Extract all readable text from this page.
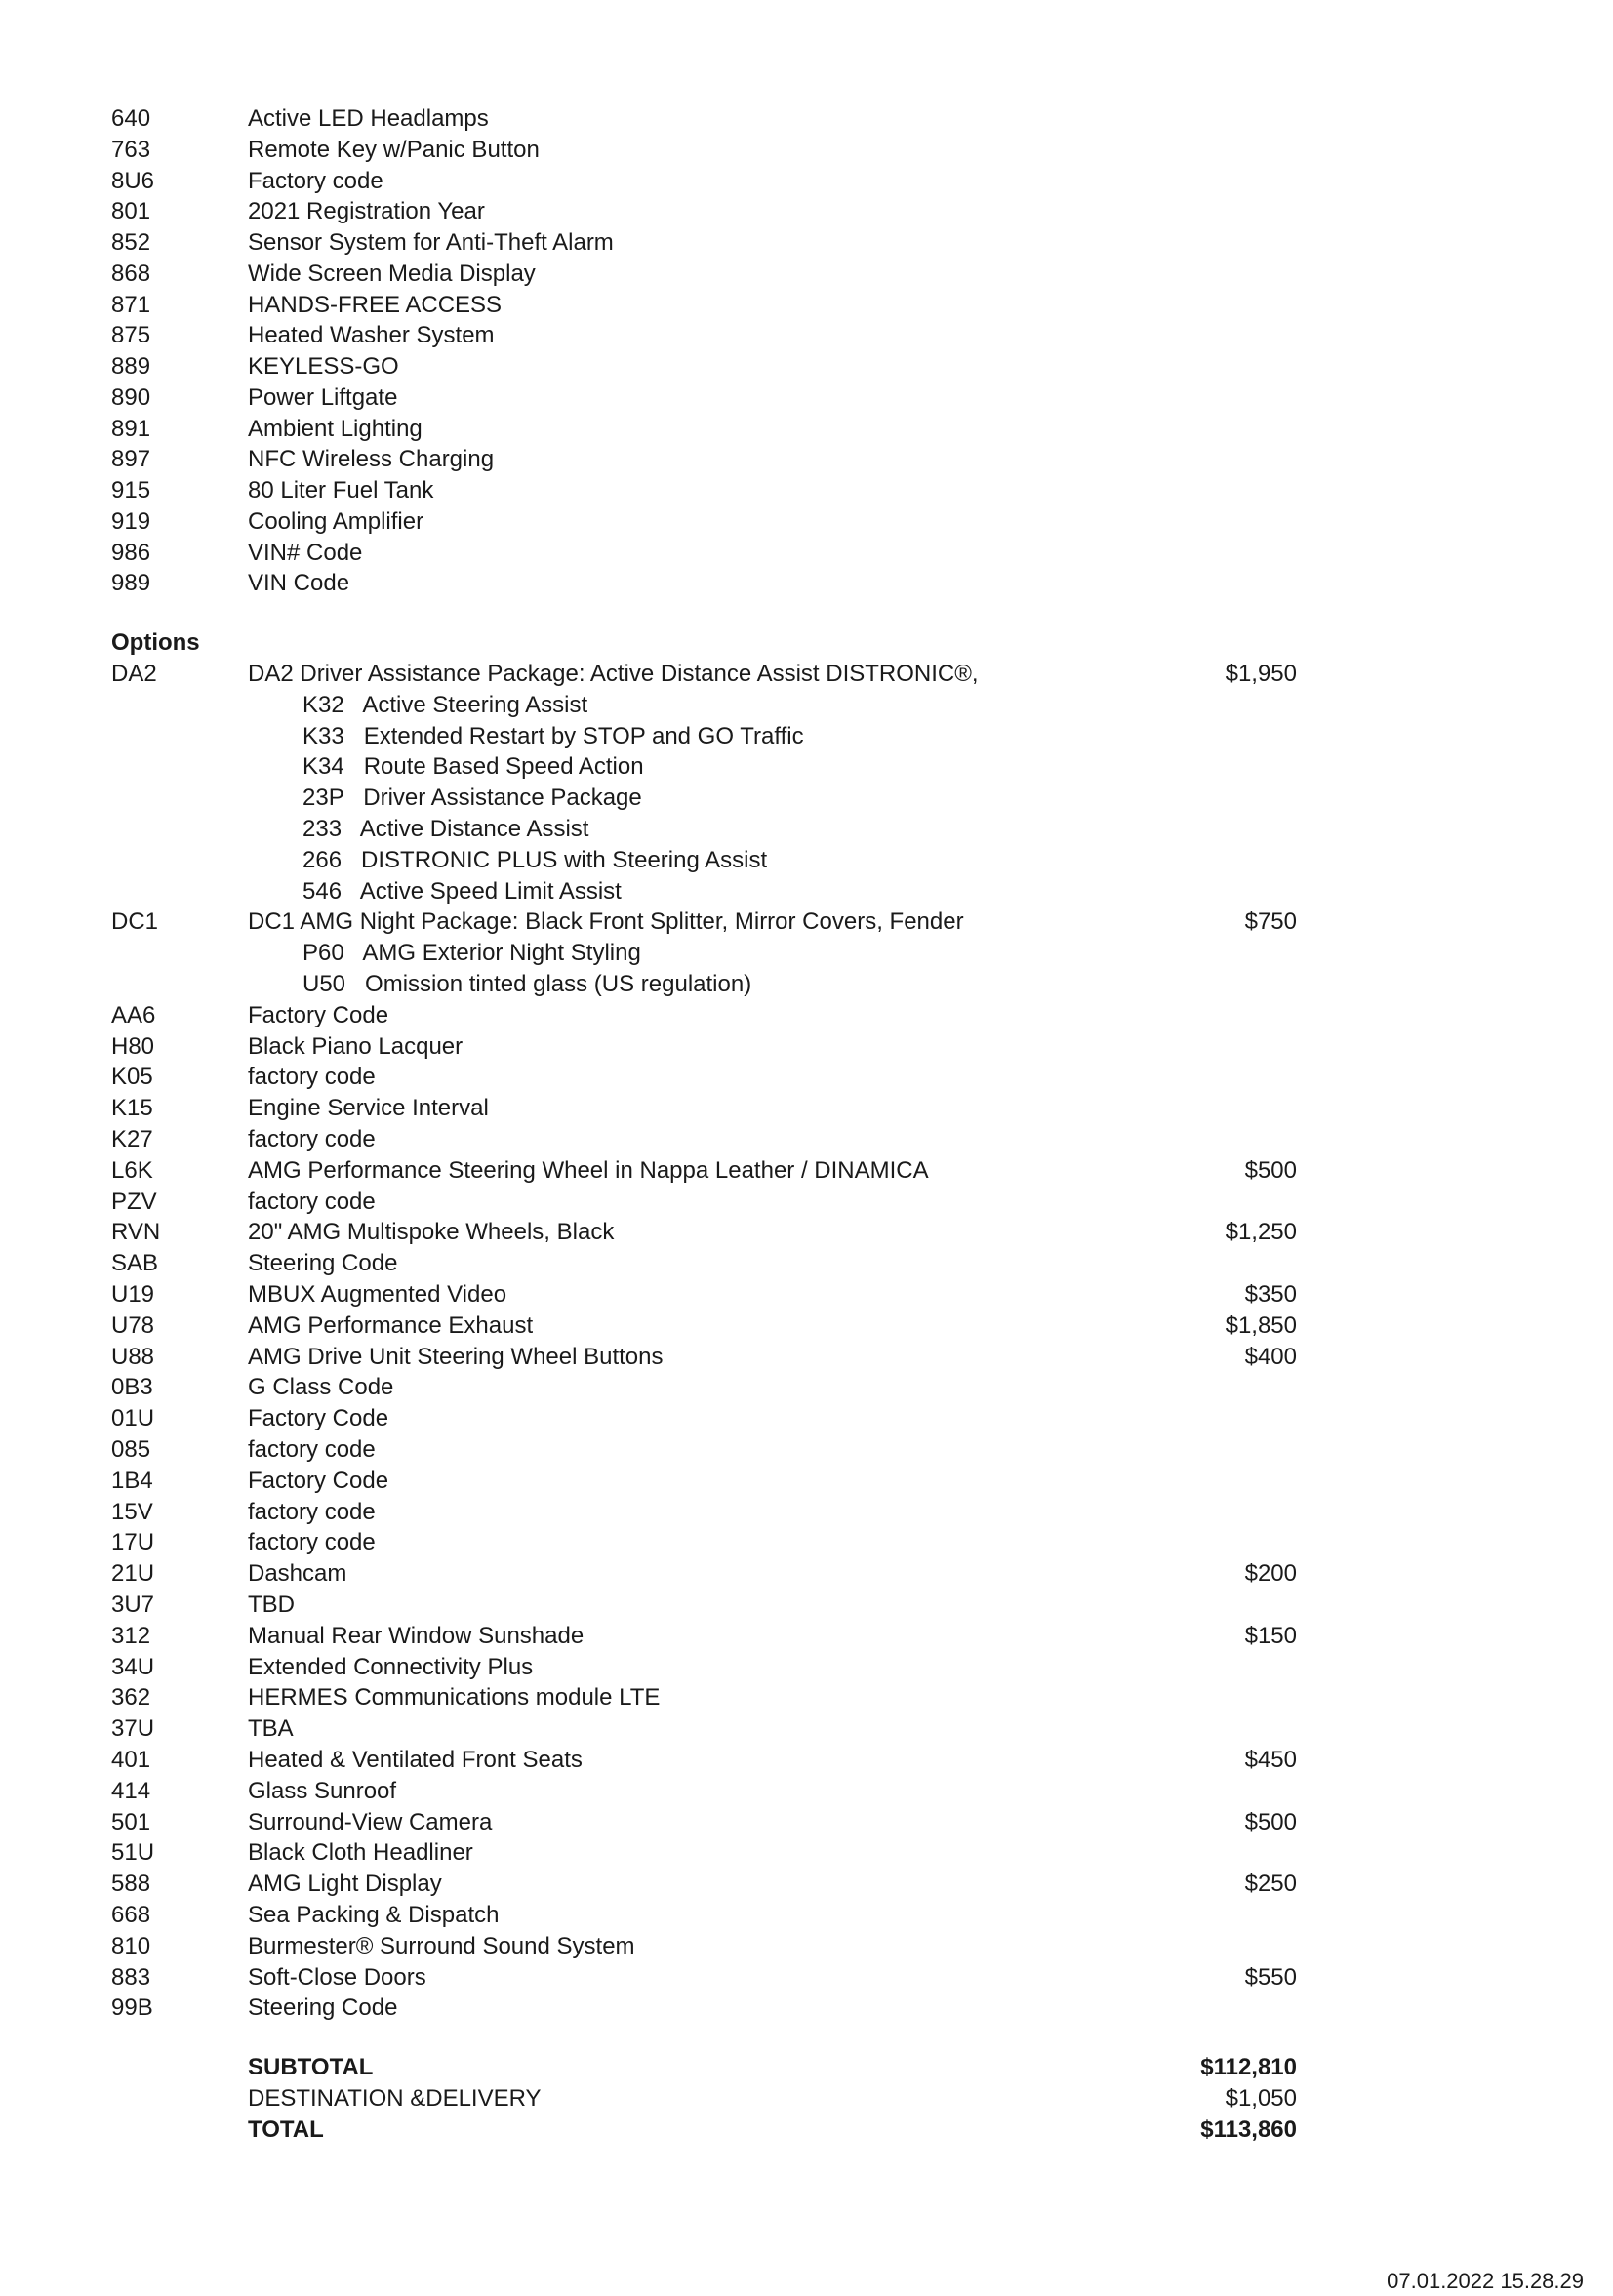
640	Active LED Headlamps
763	Remote Key w/Panic Button
8U6	Factory code
801	2021 Registration Year
852	Sensor System for Anti-Theft Alarm
868	Wide Screen Media Display
871	HANDS-FREE ACCESS
875	Heated Washer System
889	KEYLESS-GO
890	Power Liftgate
891	Ambient Lighting
897	NFC Wireless Charging
915	80 Liter Fuel Tank
919	Cooling Amplifier
986	VIN# Code
989	VIN Code
Options
DA2	DA2 Driver Assistance Package: Active Distance Assist DISTRONIC®,	$1,950
K32   Active Steering Assist
K33   Extended Restart by STOP and GO Traffic
K34   Route Based Speed Action
23P   Driver Assistance Package
233   Active Distance Assist
266   DISTRONIC PLUS with Steering Assist
546   Active Speed Limit Assist
DC1	DC1 AMG Night Package: Black Front Splitter, Mirror Covers, Fender	$750
P60   AMG Exterior Night Styling
U50   Omission tinted glass (US regulation)
AA6	Factory Code
H80	Black Piano Lacquer
K05	factory code
K15	Engine Service Interval
K27	factory code
L6K	AMG Performance Steering Wheel in Nappa Leather / DINAMICA	$500
PZV	factory code
RVN	20" AMG Multispoke Wheels, Black	$1,250
SAB	Steering Code
U19	MBUX Augmented Video	$350
U78	AMG Performance Exhaust	$1,850
U88	AMG Drive Unit Steering Wheel Buttons	$400
0B3	G Class Code
01U	Factory Code
085	factory code
1B4	Factory Code
15V	factory code
17U	factory code
21U	Dashcam	$200
3U7	TBD
312	Manual Rear Window Sunshade	$150
34U	Extended Connectivity Plus
362	HERMES Communications module LTE
37U	TBA
401	Heated & Ventilated Front Seats	$450
414	Glass Sunroof
501	Surround-View Camera	$500
51U	Black Cloth Headliner
588	AMG Light Display	$250
668	Sea Packing & Dispatch
810	Burmester® Surround Sound System
883	Soft-Close Doors	$550
99B	Steering Code
SUBTOTAL	$112,810
DESTINATION &DELIVERY	$1,050
TOTAL	$113,860
07.01.2022 15.28.29
